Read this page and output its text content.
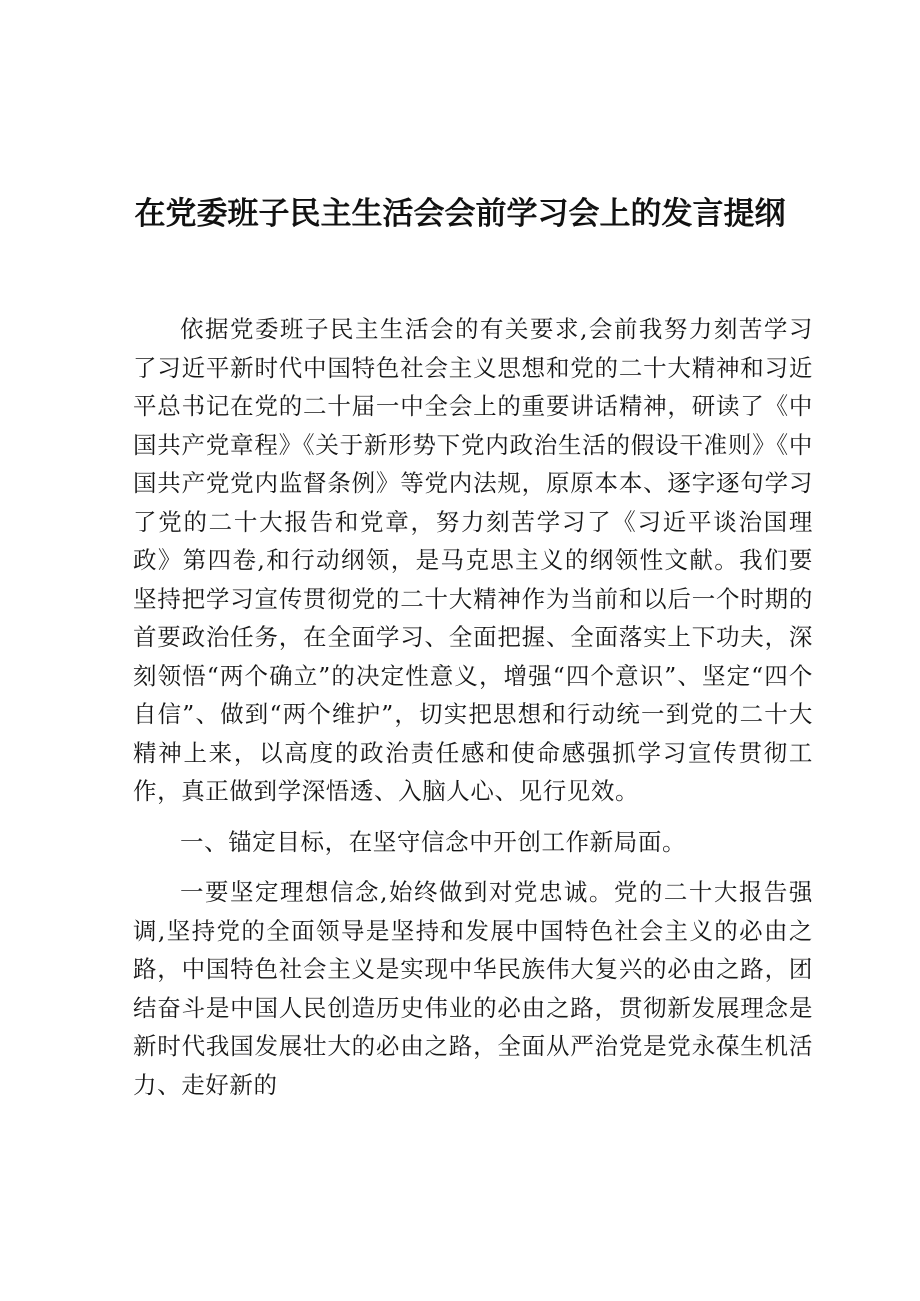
在党委班子民主生活会会前学习会上的发言提纲

依据党委班子民主生活会的有关要求,会前我努力刻苦学习了习近平新时代中国特色社会主义思想和党的二十大精神和习近平总书记在党的二十届一中全会上的重要讲话精神，研读了《中国共产党章程》《关于新形势下党内政治生活的假设干准则》《中国共产党党内监督条例》等党内法规，原原本本、逐字逐句学习了党的二十大报告和党章，努力刻苦学习了《习近平谈治国理政》第四卷,和行动纲领，是马克思主义的纲领性文献。我们要坚持把学习宣传贯彻党的二十大精神作为当前和以后一个时期的首要政治任务，在全面学习、全面把握、全面落实上下功夫，深刻领悟“两个确立”的决定性意义，增强“四个意识”、坚定“四个自信”、做到“两个维护”，切实把思想和行动统一到党的二十大精神上来，以高度的政治责任感和使命感强抓学习宣传贯彻工作，真正做到学深悟透、入脑人心、见行见效。

一、锚定目标，在坚守信念中开创工作新局面。

一要坚定理想信念,始终做到对党忠诚。党的二十大报告强调,坚持党的全面领导是坚持和发展中国特色社会主义的必由之路，中国特色社会主义是实现中华民族伟大复兴的必由之路，团结奋斗是中国人民创造历史伟业的必由之路，贯彻新发展理念是新时代我国发展壮大的必由之路，全面从严治党是党永葆生机活力、走好新的
